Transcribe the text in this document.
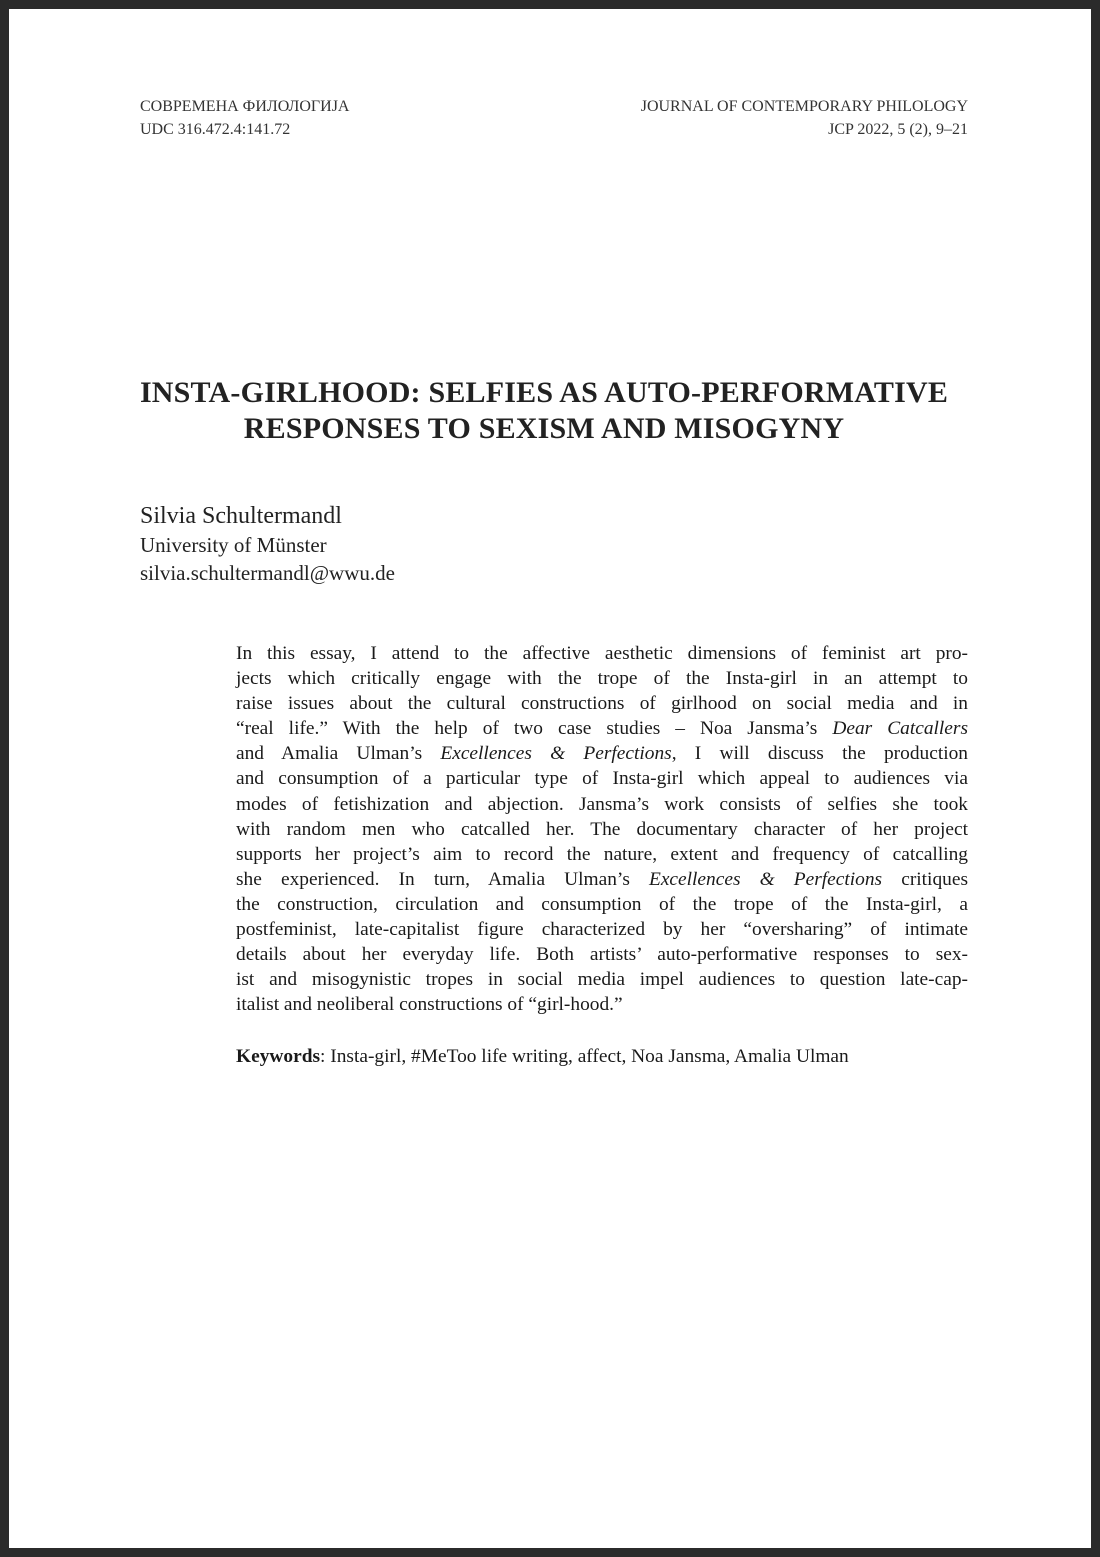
СОВРЕМЕНА ФИЛОЛОГИЈА
UDC 316.472.4:141.72
JOURNAL OF CONTEMPORARY PHILOLOGY
JCP 2022, 5 (2), 9–21
INSTA-GIRLHOOD: SELFIES AS AUTO-PERFORMATIVE
RESPONSES TO SEXISM AND MISOGYNY
Silvia Schultermandl
University of Münster
silvia.schultermandl@wwu.de
In this essay, I attend to the affective aesthetic dimensions of feminist art pro-
jects which critically engage with the trope of the Insta-girl in an attempt to
raise issues about the cultural constructions of girlhood on social media and in
“real life.” With the help of two case studies – Noa Jansma’s Dear Catcallers
and Amalia Ulman’s Excellences & Perfections, I will discuss the production
and consumption of a particular type of Insta-girl which appeal to audiences via
modes of fetishization and abjection. Jansma’s work consists of selfies she took
with random men who catcalled her. The documentary character of her project
supports her project’s aim to record the nature, extent and frequency of catcalling
she experienced. In turn, Amalia Ulman’s Excellences & Perfections critiques
the construction, circulation and consumption of the trope of the Insta-girl, a
postfeminist, late-capitalist figure characterized by her “oversharing” of intimate
details about her everyday life. Both artists’ auto-performative responses to sex-
ist and misogynistic tropes in social media impel audiences to question late-cap-
italist and neoliberal constructions of “girl-hood.”
Keywords: Insta-girl, #MeToo life writing, affect, Noa Jansma, Amalia Ulman
